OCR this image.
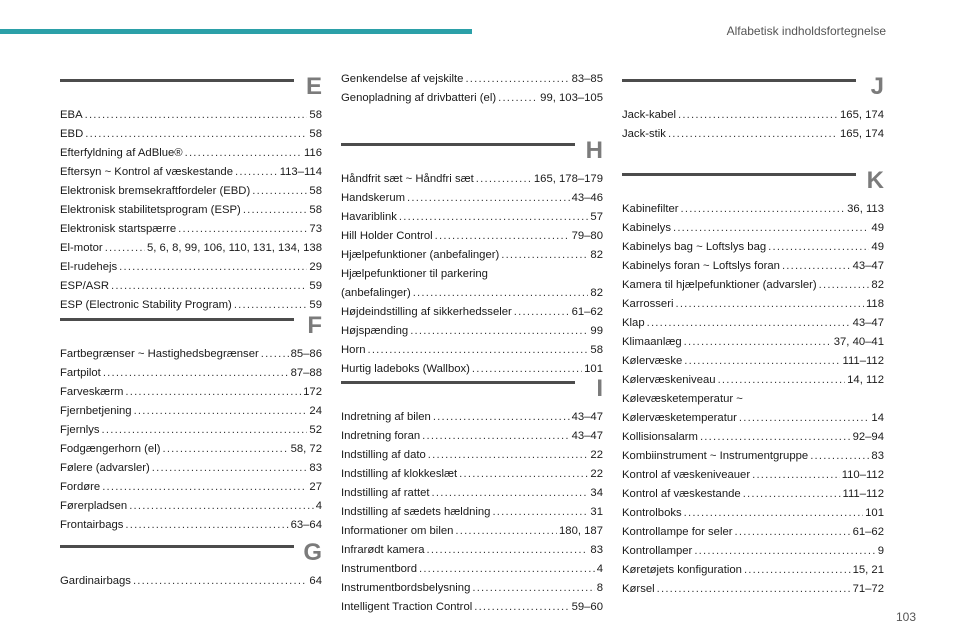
Alfabetisk indholdsfortegnelse
E
EBA .....	58
EBD .....	58
Efterfyldning af AdBlue® .....	116
Eftersyn ~ Kontrol af væskestande .....	113–114
Elektronisk bremsekraftfordeler (EBD) .....	58
Elektronisk stabilitetsprogram (ESP) .....	58
Elektronisk startspærre .....	73
El-motor .....	5, 6, 8, 99, 106, 110, 131, 134, 138
El-rudehejs .....	29
ESP/ASR .....	59
ESP (Electronic Stability Program) .....	59
F
Fartbegrænser ~ Hastighedsbegrænser .....	85–86
Fartpilot .....	87–88
Farveskærm .....	172
Fjernbetjening .....	24
Fjernlys .....	52
Fodgængerhorn (el) .....	58, 72
Følere (advarsler) .....	83
Fordøre .....	27
Førerpladsen .....	4
Frontairbags .....	63–64
G
Gardinairbags .....	64
Genkendelse af vejskilte .....	83–85
Genopladning af drivbatteri (el) .....	99, 103–105
H
Håndfrit sæt ~ Håndfri sæt .....	165, 178–179
Handskerum .....	43–46
Havariblink .....	57
Hill Holder Control .....	79–80
Hjælpefunktioner (anbefalinger) .....	82
Hjælpefunktioner til parkering
(anbefalinger) .....	82
Højdeindstilling af sikkerhedsseler .....	61–62
Højspænding .....	99
Horn .....	58
Hurtig ladeboks (Wallbox) .....	101
I
Indretning af bilen .....	43–47
Indretning foran .....	43–47
Indstilling af dato .....	22
Indstilling af klokkeslæt .....	22
Indstilling af rattet .....	34
Indstilling af sædets hældning .....	31
Informationer om bilen .....	180, 187
Infrarødt kamera .....	83
Instrumentbord .....	4
Instrumentbordsbelysning .....	8
Intelligent Traction Control .....	59–60
J
Jack-kabel .....	165, 174
Jack-stik .....	165, 174
K
Kabinefilter .....	36, 113
Kabinelys .....	49
Kabinelys bag ~ Loftslys bag .....	49
Kabinelys foran ~ Loftslys foran .....	43–47
Kamera til hjælpefunktioner (advarsler) .....	82
Karrosseri .....	118
Klap .....	43–47
Klimaanlæg .....	37, 40–41
Kølervæske .....	111–112
Kølervæskeniveau .....	14, 112
Kølevæsketemperatur ~
Kølervæsketemperatur .....	14
Kollisionsalarm .....	92–94
Kombiinstrument ~ Instrumentgruppe .....	83
Kontrol af væskeniveauer .....	110–112
Kontrol af væskestande .....	111–112
Kontrolboks .....	101
Kontrollampe for seler .....	61–62
Kontrollamper .....	9
Køretøjets konfiguration .....	15, 21
Kørsel .....	71–72
103
